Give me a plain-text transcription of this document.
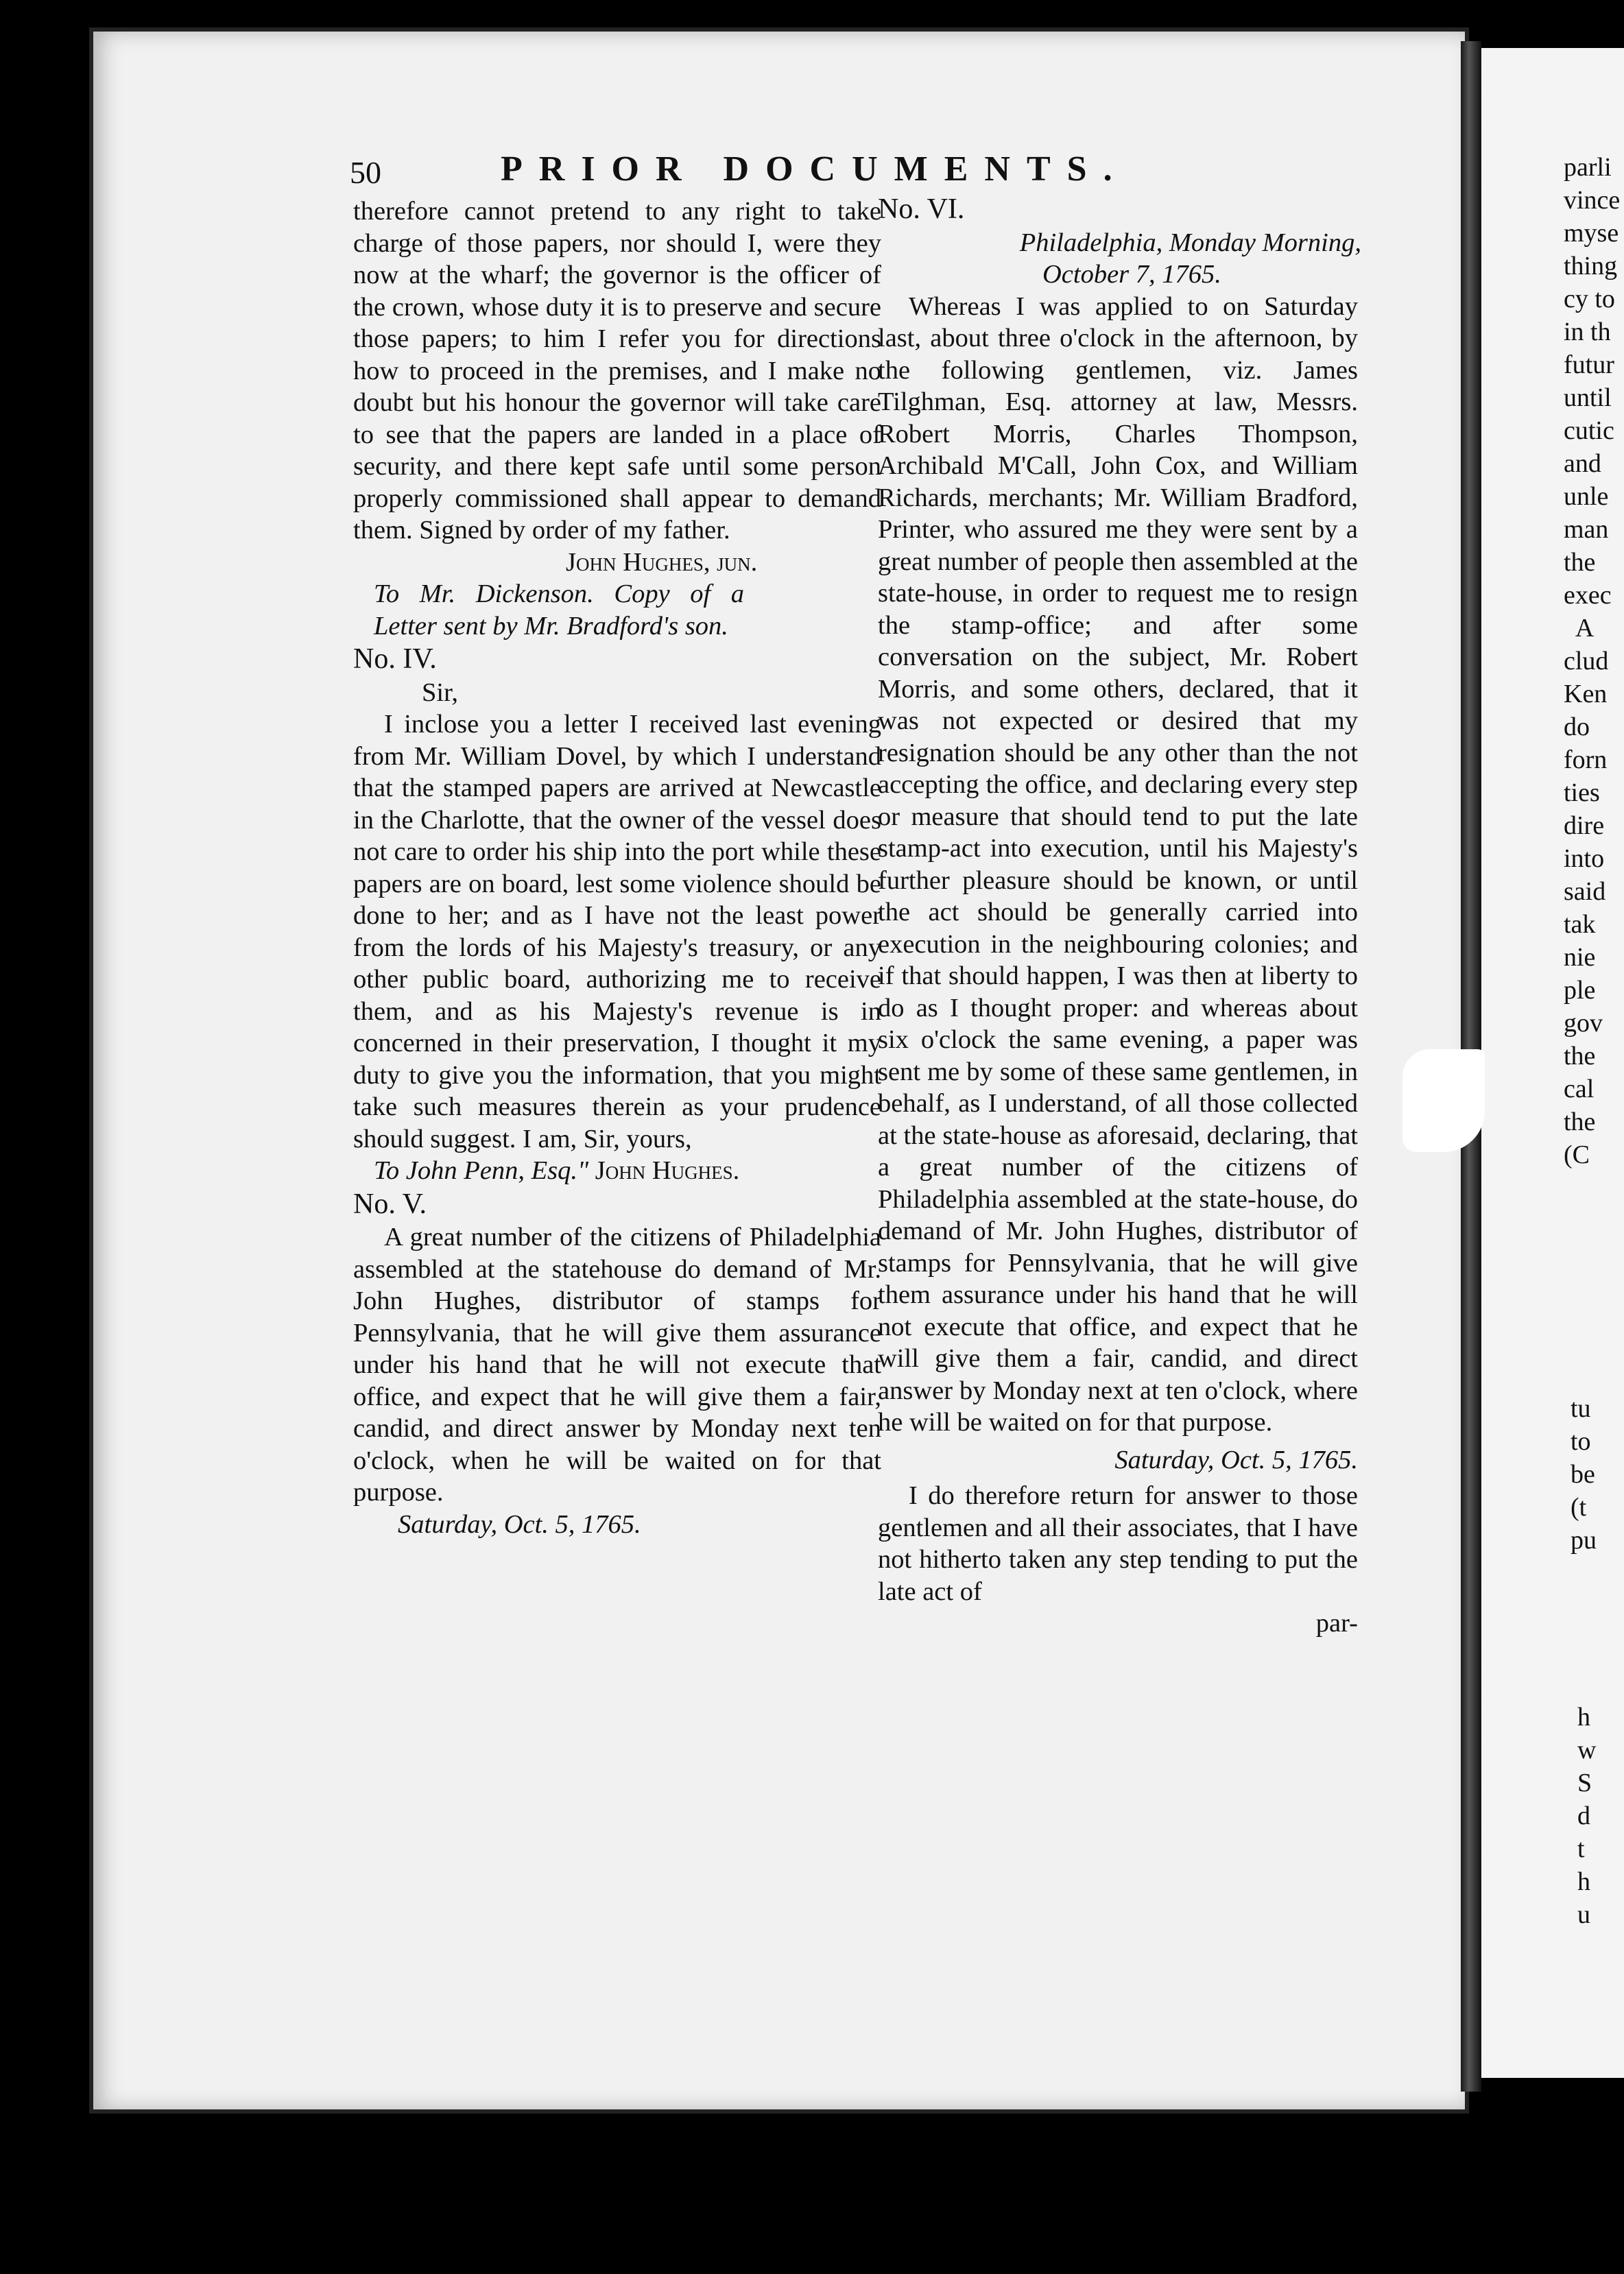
parli
vince
myse
thing
cy to
in th
futur
until
cutic
and
unle
man
the
exec
A
clud
Ken
do
forn
ties
dire
into
said
tak
nie
ple
gov
the
cal
the
(C
tu
to
be
(t
pu
h
w
S
d
t
h
u
50	PRIOR DOCUMENTS.

therefore cannot pretend to any right to take charge of those papers, nor should I, were they now at the wharf; the governor is the officer of the crown, whose duty it is to preserve and secure those papers; to him I refer you for directions how to proceed in the premises, and I make no doubt but his honour the governor will take care to see that the papers are landed in a place of security, and there kept safe until some person properly commissioned shall appear to demand them. Signed by order of my father.

John Hughes, jun.

To Mr. Dickenson. Copy of a Letter sent by Mr. Bradford's son.

No. IV.

Sir,

I inclose you a letter I received last evening from Mr. William Dovel, by which I understand that the stamped papers are arrived at Newcastle in the Charlotte, that the owner of the vessel does not care to order his ship into the port while these papers are on board, lest some violence should be done to her; and as I have not the least power from the lords of his Majesty's treasury, or any other public board, authorizing me to receive them, and as his Majesty's revenue is in concerned in their preservation, I thought it my duty to give you the information, that you might take such measures therein as your prudence should suggest. I am, Sir, yours,

To John Penn, Esq." John Hughes.

No. V.

A great number of the citizens of Philadelphia assembled at the statehouse do demand of Mr. John Hughes, distributor of stamps for Pennsylvania, that he will give them assurance under his hand that he will not execute that office, and expect that he will give them a fair, candid, and direct answer by Monday next ten o'clock, when he will be waited on for that purpose.

Saturday, Oct. 5, 1765.

No. VI.

Philadelphia, Monday Morning,

October 7, 1765.

Whereas I was applied to on Saturday last, about three o'clock in the afternoon, by the following gentlemen, viz. James Tilghman, Esq. attorney at law, Messrs. Robert Morris, Charles Thompson, Archibald M'Call, John Cox, and William Richards, merchants; Mr. William Bradford, Printer, who assured me they were sent by a great number of people then assembled at the state-house, in order to request me to resign the stamp-office; and after some conversation on the subject, Mr. Robert Morris, and some others, declared, that it was not expected or desired that my resignation should be any other than the not accepting the office, and declaring every step or measure that should tend to put the late stamp-act into execution, until his Majesty's further pleasure should be known, or until the act should be generally carried into execution in the neighbouring colonies; and if that should happen, I was then at liberty to do as I thought proper: and whereas about six o'clock the same evening, a paper was sent me by some of these same gentlemen, in behalf, as I understand, of all those collected at the state-house as aforesaid, declaring, that a great number of the citizens of Philadelphia assembled at the state-house, do demand of Mr. John Hughes, distributor of stamps for Pennsylvania, that he will give them assurance under his hand that he will not execute that office, and expect that he will give them a fair, candid, and direct answer by Monday next at ten o'clock, where he will be waited on for that purpose.

Saturday, Oct. 5, 1765.

I do therefore return for answer to those gentlemen and all their associates, that I have not hitherto taken any step tending to put the late act of

par-
